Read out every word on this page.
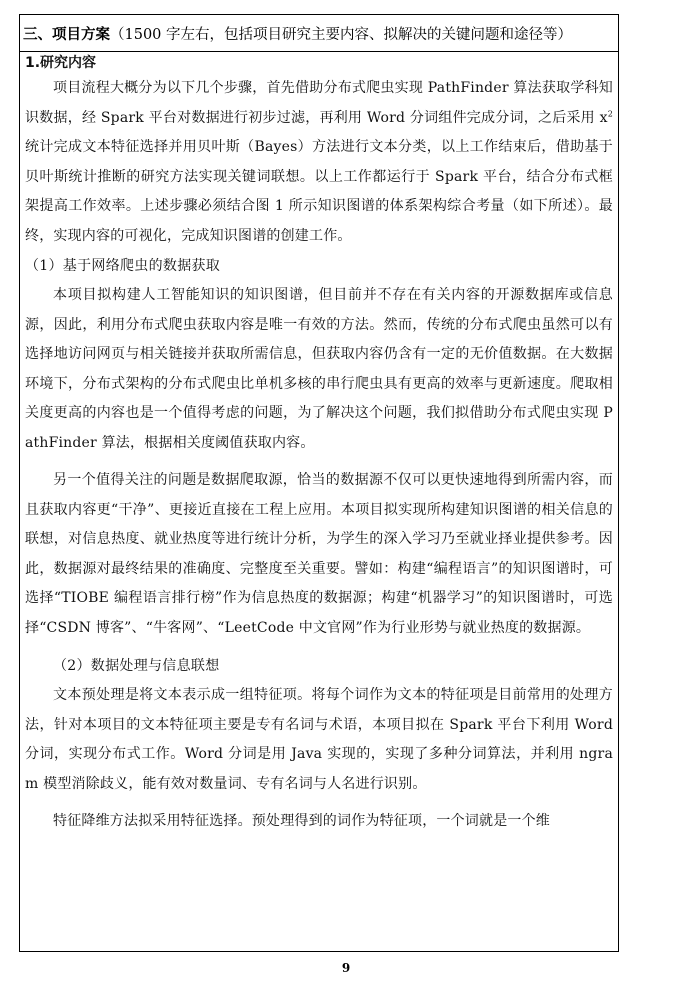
三、项目方案 （1500 字左右，包括项目研究主要内容、拟解决的关键问题和途径等）

1.研究内容

项目流程大概分为以下几个步骤，首先借助分布式爬虫实现 PathFinder 算法获取学科知识数据，经 Spark 平台对数据进行初步过滤，再利用 Word 分词组件完成分词，之后采用 $x^2$统计完成文本特征选择并用贝叶斯（Bayes）方法进行文本分类，以上工作结束后，借助基于贝叶斯统计推断的研究方法实现关键词联想。以上工作都运行于 Spark 平台，结合分布式框架提高工作效率。上述步骤必须结合图 1 所示知识图谱的体系架构综合考量（如下所述）。最终，实现内容的可视化，完成知识图谱的创建工作。

（1）基于网络爬虫的数据获取

本项目拟构建人工智能知识的知识图谱，但目前并不存在有关内容的开源数据库或信息源，因此，利用分布式爬虫获取内容是唯一有效的方法。然而，传统的分布式爬虫虽然可以有选择地访问网页与相关链接并获取所需信息，但获取内容仍含有一定的无价值数据。在大数据环境下，分布式架构的分布式爬虫比单机多核的串行爬虫具有更高的效率与更新速度。爬取相关度更高的内容也是一个值得考虑的问题，为了解决这个问题，我们拟借助分布式爬虫实现 PathFinder 算法，根据相关度阈值获取内容。

另一个值得关注的问题是数据爬取源，恰当的数据源不仅可以更快速地得到所需内容，而且获取内容更“干净”、更接近直接在工程上应用。本项目拟实现所构建知识图谱的相关信息的联想，对信息热度、就业热度等进行统计分析，为学生的深入学习乃至就业择业提供参考。因此，数据源对最终结果的准确度、完整度至关重要。譬如：构建“编程语言”的知识图谱时，可选择“TIOBE 编程语言排行榜”作为信息热度的数据源；构建“机器学习”的知识图谱时，可选择“CSDN 博客”、“牛客网”、“LeetCode 中文官网”作为行业形势与就业热度的数据源。

（2）数据处理与信息联想

文本预处理是将文本表示成一组特征项。将每个词作为文本的特征项是目前常用的处理方法，针对本项目的文本特征项主要是专有名词与术语，本项目拟在 Spark 平台下利用 Word 分词，实现分布式工作。Word 分词是用 Java 实现的，实现了多种分词算法，并利用 ngram 模型消除歧义，能有效对数量词、专有名词与人名进行识别。

特征降维方法拟采用特征选择。预处理得到的词作为特征项，一个词就是一个维

9
